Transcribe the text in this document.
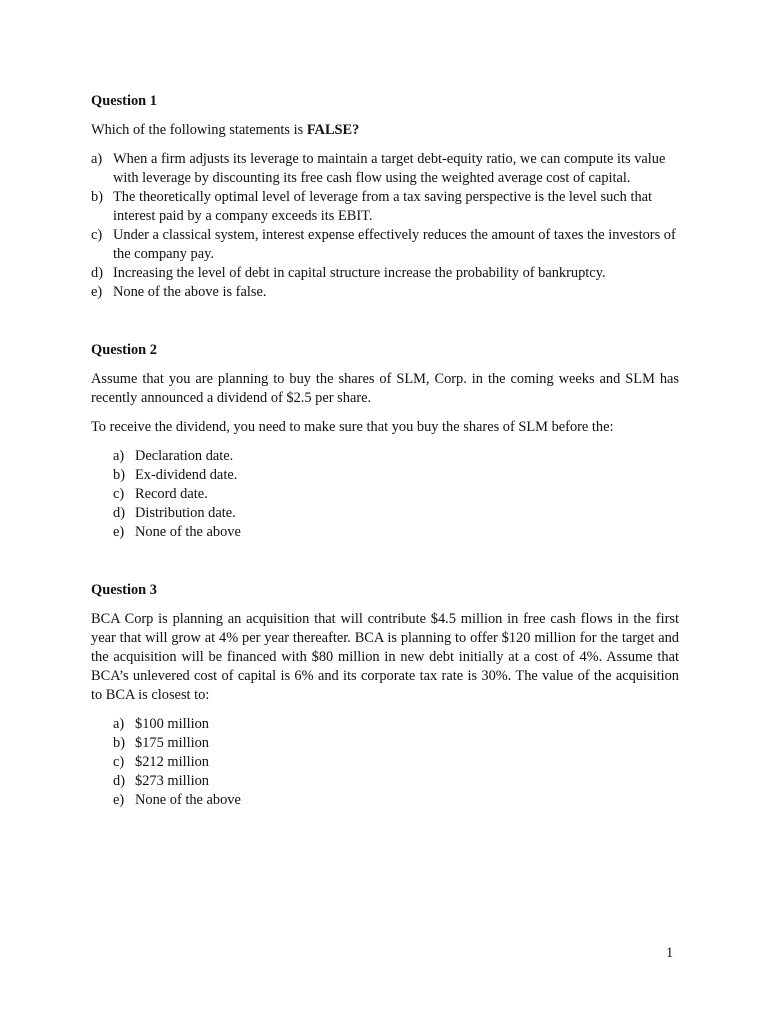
Question 1

Which of the following statements is FALSE?

a) When a firm adjusts its leverage to maintain a target debt-equity ratio, we can compute its value with leverage by discounting its free cash flow using the weighted average cost of capital.
b) The theoretically optimal level of leverage from a tax saving perspective is the level such that interest paid by a company exceeds its EBIT.
c) Under a classical system, interest expense effectively reduces the amount of taxes the investors of the company pay.
d) Increasing the level of debt in capital structure increase the probability of bankruptcy.
e) None of the above is false.

Question 2

Assume that you are planning to buy the shares of SLM, Corp. in the coming weeks and SLM has recently announced a dividend of $2.5 per share.

To receive the dividend, you need to make sure that you buy the shares of SLM before the:

a) Declaration date.
b) Ex-dividend date.
c) Record date.
d) Distribution date.
e) None of the above

Question 3

BCA Corp is planning an acquisition that will contribute $4.5 million in free cash flows in the first year that will grow at 4% per year thereafter. BCA is planning to offer $120 million for the target and the acquisition will be financed with $80 million in new debt initially at a cost of 4%. Assume that BCA’s unlevered cost of capital is 6% and its corporate tax rate is 30%. The value of the acquisition to BCA is closest to:

a) $100 million
b) $175 million
c) $212 million
d) $273 million
e) None of the above
1
